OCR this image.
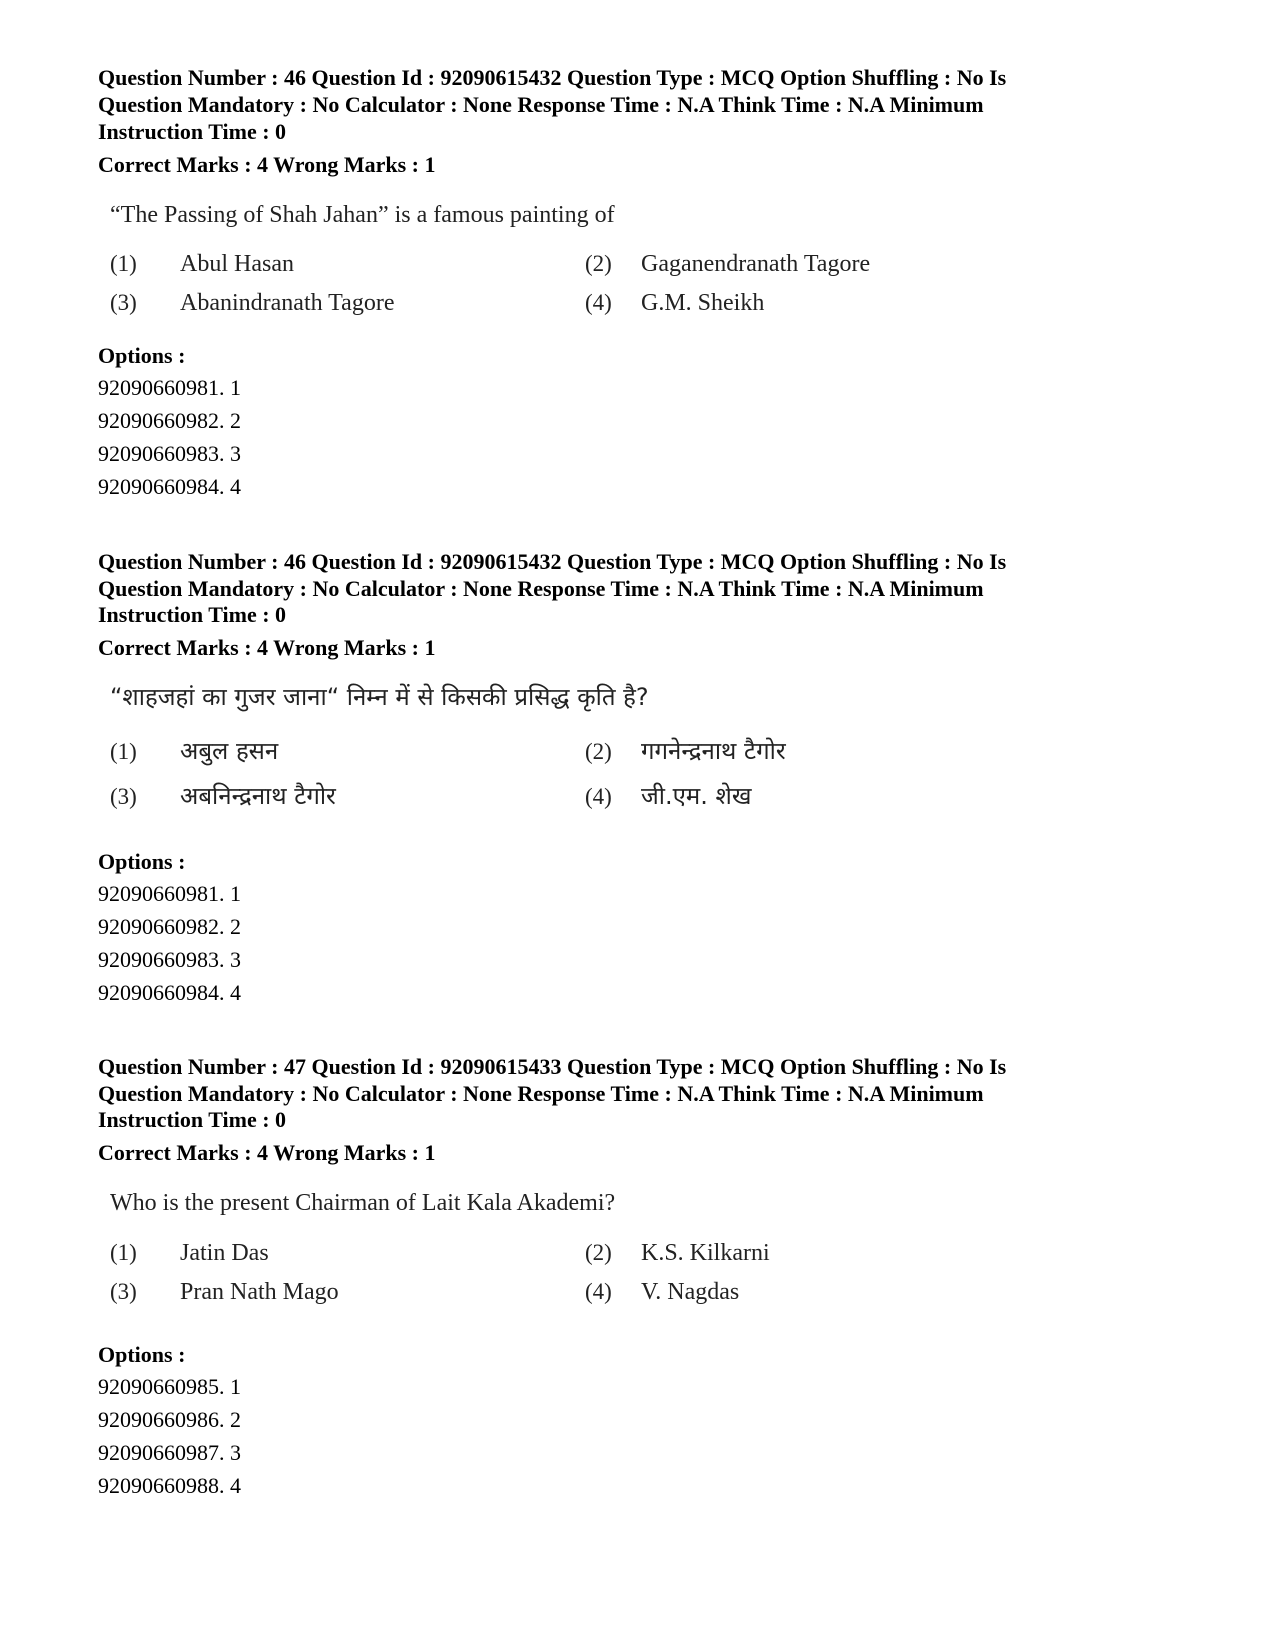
Question Number : 46 Question Id : 92090615432 Question Type : MCQ Option Shuffling : No Is
Question Mandatory : No Calculator : None Response Time : N.A Think Time : N.A Minimum
Instruction Time : 0
Correct Marks : 4 Wrong Marks : 1
“The Passing of Shah Jahan” is a famous painting of
(1) Abul Hasan	(2) Gaganendranath Tagore
(3) Abanindranath Tagore	(4) G.M. Sheikh
Options :
92090660981. 1
92090660982. 2
92090660983. 3
92090660984. 4
Question Number : 46 Question Id : 92090615432 Question Type : MCQ Option Shuffling : No Is
Question Mandatory : No Calculator : None Response Time : N.A Think Time : N.A Minimum
Instruction Time : 0
Correct Marks : 4 Wrong Marks : 1
“शाहजहां का गुजर जाना“ निम्न में से किसकी प्रसिद्ध कृति है?
(1) अबुल हसन	(2) गगनेन्द्रनाथ टैगोर
(3) अबनिन्द्रनाथ टैगोर	(4) जी.एम. शेख
Options :
92090660981. 1
92090660982. 2
92090660983. 3
92090660984. 4
Question Number : 47 Question Id : 92090615433 Question Type : MCQ Option Shuffling : No Is
Question Mandatory : No Calculator : None Response Time : N.A Think Time : N.A Minimum
Instruction Time : 0
Correct Marks : 4 Wrong Marks : 1
Who is the present Chairman of Lait Kala Akademi?
(1) Jatin Das	(2) K.S. Kilkarni
(3) Pran Nath Mago	(4) V. Nagdas
Options :
92090660985. 1
92090660986. 2
92090660987. 3
92090660988. 4
